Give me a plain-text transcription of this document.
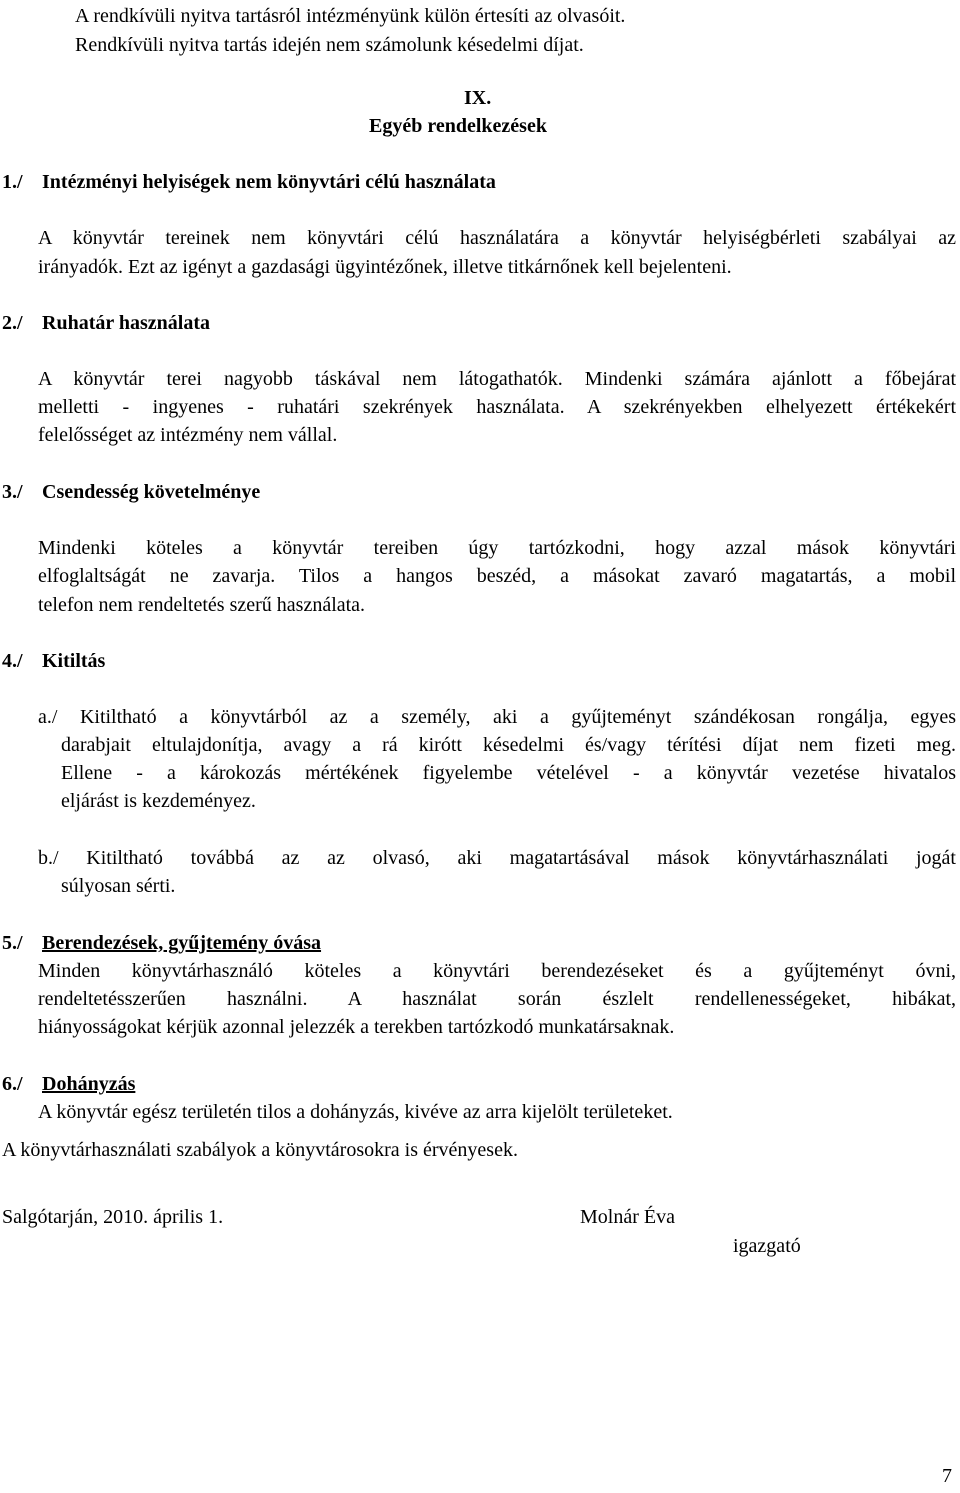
A rendkívüli nyitva tartásról intézményünk külön értesíti az olvasóit.
Rendkívüli nyitva tartás idején nem számolunk késedelmi díjat.
IX.
Egyéb rendelkezések
1./ Intézményi helyiségek nem könyvtári célú használata
A könyvtár tereinek nem könyvtári célú használatára a könyvtár helyiségbérleti szabályai az
irányadók. Ezt az igényt a gazdasági ügyintézőnek, illetve titkárnőnek kell bejelenteni.
2./ Ruhatár használata
A könyvtár terei nagyobb táskával nem látogathatók. Mindenki számára ajánlott a főbejárat
melletti - ingyenes - ruhatári szekrények használata. A szekrényekben elhelyezett értékekért
felelősséget az intézmény nem vállal.
3./ Csendesség követelménye
Mindenki köteles a könyvtár tereiben úgy tartózkodni, hogy azzal mások könyvtári
elfoglaltságát ne zavarja. Tilos a hangos beszéd, a másokat zavaró magatartás, a mobil
telefon nem rendeltetés szerű használata.
4./ Kitiltás
a./ Kitiltható a könyvtárból az a személy, aki a gyűjteményt szándékosan rongálja, egyes
darabjait eltulajdonítja, avagy a rá kirótt késedelmi és/vagy térítési díjat nem fizeti meg.
Ellene - a károkozás mértékének figyelembe vételével - a könyvtár vezetése hivatalos
eljárást is kezdeményez.
b./ Kitiltható továbbá az az olvasó, aki magatartásával mások könyvtárhasználati jogát
súlyosan sérti.
5./ Berendezések, gyűjtemény óvása
Minden könyvtárhasználó köteles a könyvtári berendezéseket és a gyűjteményt óvni,
rendeltetésszerűen használni. A használat során észlelt rendellenességeket, hibákat,
hiányosságokat kérjük azonnal jelezzék a terekben tartózkodó munkatársaknak.
6./ Dohányzás
A könyvtár egész területén tilos a dohányzás, kivéve az arra kijelölt területeket.
A könyvtárhasználati szabályok a könyvtárosokra is érvényesek.
Salgótarján, 2010. április 1.	Molnár Éva
igazgató
7
